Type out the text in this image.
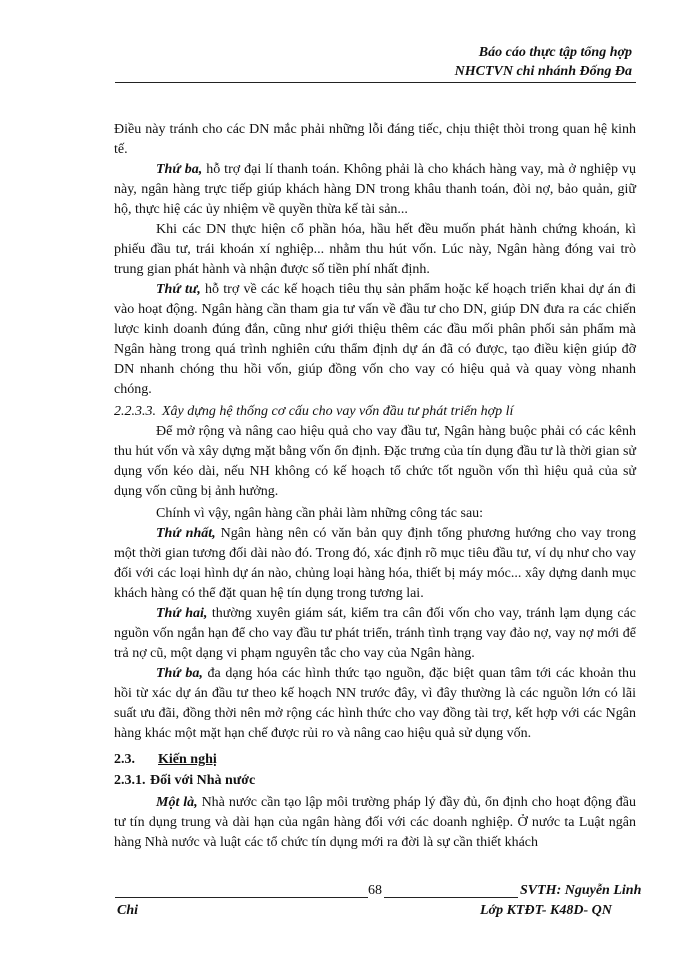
Báo cáo thực tập tổng hợp
NHCTVN chi nhánh Đống Đa

Điều này tránh cho các DN mắc phải những lỗi đáng tiếc, chịu thiệt thòi trong quan hệ kinh tế.

Thứ ba, hỗ trợ đại lí thanh toán. Không phải là cho khách hàng vay, mà ở nghiệp vụ này, ngân hàng trực tiếp giúp khách hàng DN trong khâu thanh toán, đòi nợ, bảo quản, giữ hộ, thực hiệ các ủy nhiệm về quyền thừa kế tài sản...

Khi các DN thực hiện cổ phần hóa, hầu hết đều muốn phát hành chứng khoán, kì phiếu đầu tư, trái khoán xí nghiệp... nhằm thu hút vốn. Lúc này, Ngân hàng đóng vai trò trung gian phát hành và nhận được số tiền phí nhất định.

Thứ tư, hỗ trợ về các kế hoạch tiêu thụ sản phẩm hoặc kế hoạch triển khai dự án đi vào hoạt động. Ngân hàng cần tham gia tư vấn về đầu tư cho DN, giúp DN đưa ra các chiến lược kinh doanh đúng đắn, cũng như giới thiệu thêm các đầu mối phân phối sản phẩm mà Ngân hàng trong quá trình nghiên cứu thẩm định dự án đã có được, tạo điều kiện giúp đỡ DN nhanh chóng thu hồi vốn, giúp đồng vốn cho vay có hiệu quả và quay vòng nhanh chóng.

2.2.3.3. Xây dựng hệ thống cơ cấu cho vay vốn đầu tư phát triển hợp lí

Để mở rộng và nâng cao hiệu quả cho vay đầu tư, Ngân hàng buộc phải có các kênh thu hút vốn và xây dựng mặt bằng vốn ổn định. Đặc trưng của tín dụng đầu tư là thời gian sử dụng vốn kéo dài, nếu NH không có kế hoạch tổ chức tốt nguồn vốn thì hiệu quả của sử dụng vốn cũng bị ảnh hưởng.

Chính vì vậy, ngân hàng cần phải làm những công tác sau:

Thứ nhất, Ngân hàng nên có văn bản quy định tổng phương hướng cho vay trong một thời gian tương đối dài nào đó. Trong đó, xác định rõ mục tiêu đầu tư, ví dụ như cho vay đối với các loại hình dự án nào, chủng loại hàng hóa, thiết bị máy móc... xây dựng danh mục khách hàng có thể đặt quan hệ tín dụng trong tương lai.

Thứ hai, thường xuyên giám sát, kiểm tra cân đối vốn cho vay, tránh lạm dụng các nguồn vốn ngắn hạn để cho vay đầu tư phát triển, tránh tình trạng vay đảo nợ, vay nợ mới để trả nợ cũ, một dạng vi phạm nguyên tắc cho vay của Ngân hàng.

Thứ ba, đa dạng hóa các hình thức tạo nguồn, đặc biệt quan tâm tới các khoản thu hồi từ xác dự án đầu tư theo kế hoạch NN trước đây, vì đây thường là các nguồn lớn có lãi suất ưu đãi, đồng thời nên mở rộng các hình thức cho vay đồng tài trợ, kết hợp với các Ngân hàng khác một mặt hạn chế được rủi ro và nâng cao hiệu quả sử dụng vốn.

2.3. Kiến nghị
2.3.1. Đối với Nhà nước

Một là, Nhà nước cần tạo lập môi trường pháp lý đầy đủ, ổn định cho hoạt động đầu tư tín dụng trung và dài hạn của ngân hàng đối với các doanh nghiệp. Ở nước ta Luật ngân hàng Nhà nước và luật các tổ chức tín dụng mới ra đời là sự cần thiết khách

68	SVTH: Nguyễn Linh
Chi	Lớp KTĐT- K48D- QN
